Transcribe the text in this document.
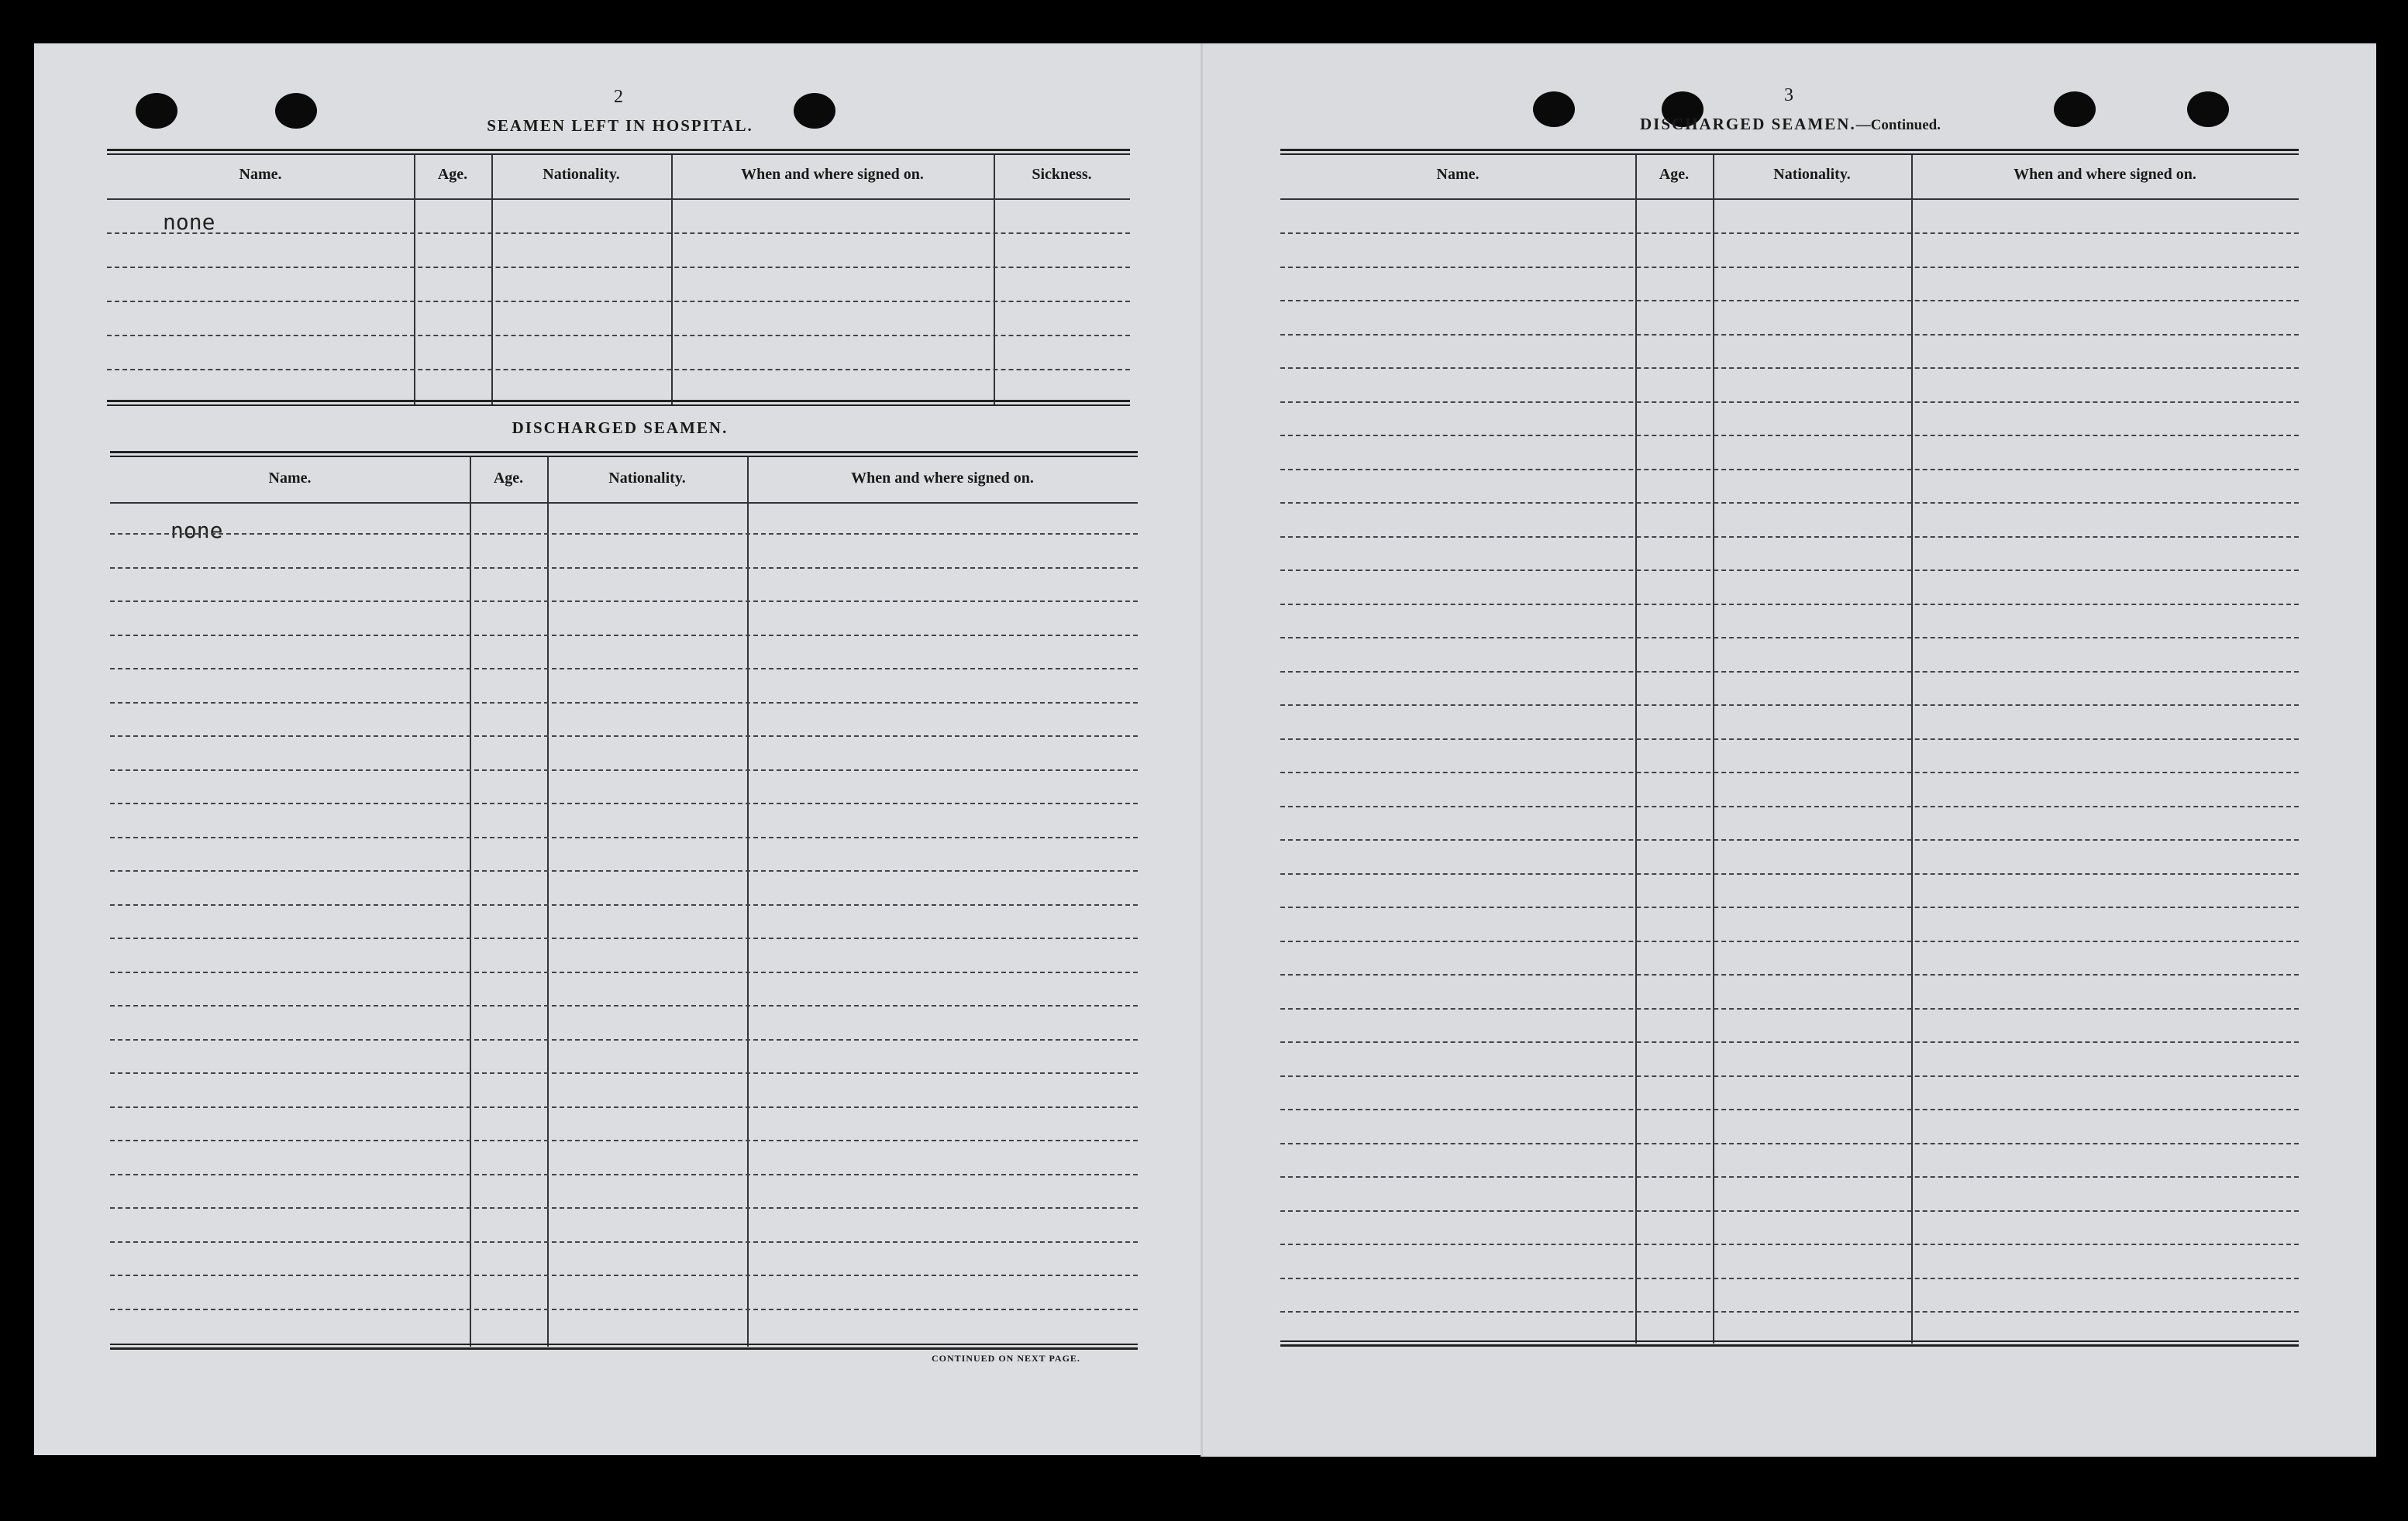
2
SEAMEN LEFT IN HOSPITAL.
Name.	Age.	Nationality.	When and where signed on.	Sickness.
none
DISCHARGED SEAMEN.
Name.	Age.	Nationality.	When and where signed on.
none
CONTINUED ON NEXT PAGE.
3
DISCHARGED SEAMEN.—Continued.
Name.	Age.	Nationality.	When and where signed on.
